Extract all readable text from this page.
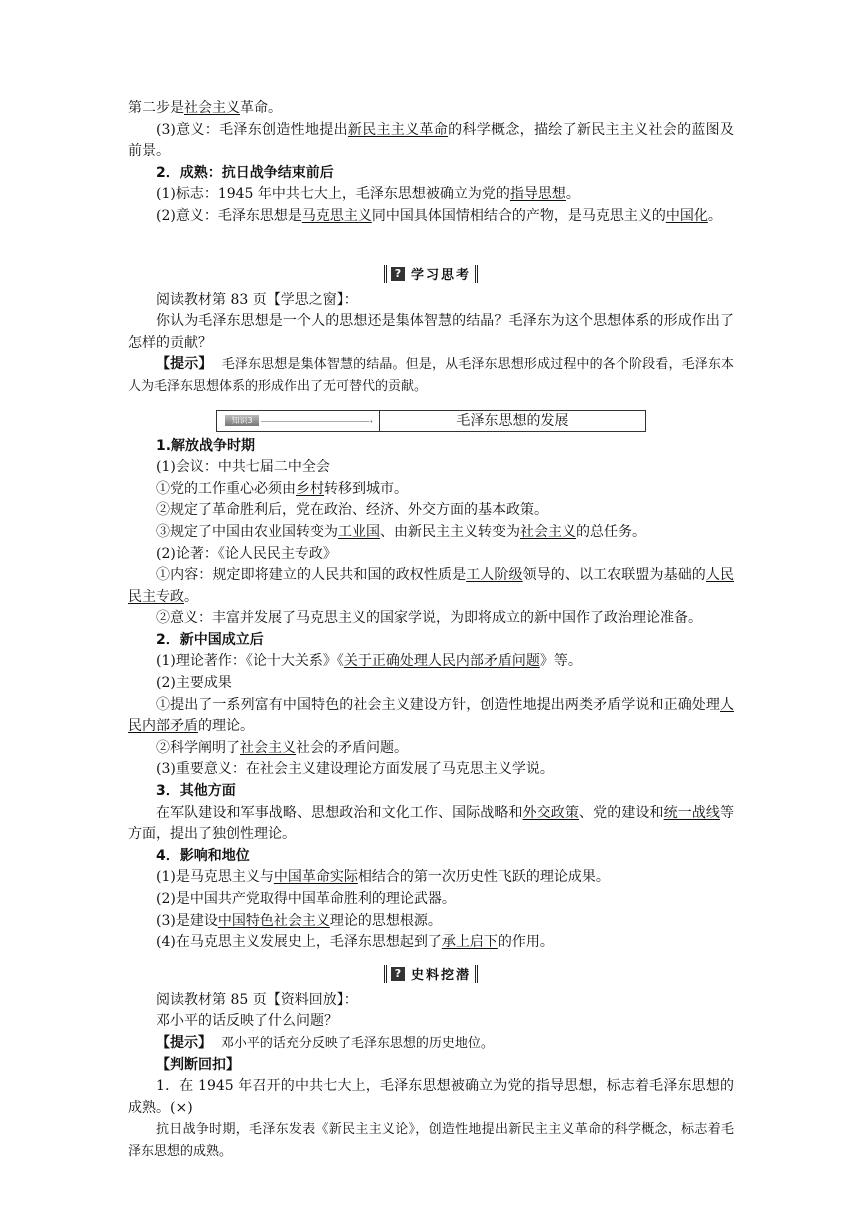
第二步是社会主义革命。

(3)意义：毛泽东创造性地提出新民主主义革命的科学概念，描绘了新民主主义社会的蓝图及前景。

2．成熟：抗日战争结束前后

(1)标志：1945 年中共七大上，毛泽东思想被确立为党的指导思想。

(2)意义：毛泽东思想是马克思主义同中国具体国情相结合的产物，是马克思主义的中国化。

? 学习思考

阅读教材第 83 页【学思之窗】：

你认为毛泽东思想是一个人的思想还是集体智慧的结晶？毛泽东为这个思想体系的形成作出了怎样的贡献？

【提示】 毛泽东思想是集体智慧的结晶。但是，从毛泽东思想形成过程中的各个阶段看，毛泽东本人为毛泽东思想体系的形成作出了无可替代的贡献。

知识3	➝	毛泽东思想的发展

1.解放战争时期

(1)会议：中共七届二中全会

①党的工作重心必须由乡村转移到城市。

②规定了革命胜利后，党在政治、经济、外交方面的基本政策。

③规定了中国由农业国转变为工业国、由新民主主义转变为社会主义的总任务。

(2)论著：《论人民民主专政》

①内容：规定即将建立的人民共和国的政权性质是工人阶级领导的、以工农联盟为基础的人民民主专政。

②意义：丰富并发展了马克思主义的国家学说，为即将成立的新中国作了政治理论准备。

2．新中国成立后

(1)理论著作：《论十大关系》《关于正确处理人民内部矛盾问题》等。

(2)主要成果

①提出了一系列富有中国特色的社会主义建设方针，创造性地提出两类矛盾学说和正确处理人民内部矛盾的理论。

②科学阐明了社会主义社会的矛盾问题。

(3)重要意义：在社会主义建设理论方面发展了马克思主义学说。

3．其他方面

在军队建设和军事战略、思想政治和文化工作、国际战略和外交政策、党的建设和统一战线等方面，提出了独创性理论。

4．影响和地位

(1)是马克思主义与中国革命实际相结合的第一次历史性飞跃的理论成果。

(2)是中国共产党取得中国革命胜利的理论武器。

(3)是建设中国特色社会主义理论的思想根源。

(4)在马克思主义发展史上，毛泽东思想起到了承上启下的作用。

? 史料挖潜

阅读教材第 85 页【资料回放】：

邓小平的话反映了什么问题？

【提示】 邓小平的话充分反映了毛泽东思想的历史地位。

【判断回扣】

1．在 1945 年召开的中共七大上，毛泽东思想被确立为党的指导思想，标志着毛泽东思想的成熟。(×)

抗日战争时期，毛泽东发表《新民主主义论》，创造性地提出新民主主义革命的科学概念，标志着毛泽东思想的成熟。
